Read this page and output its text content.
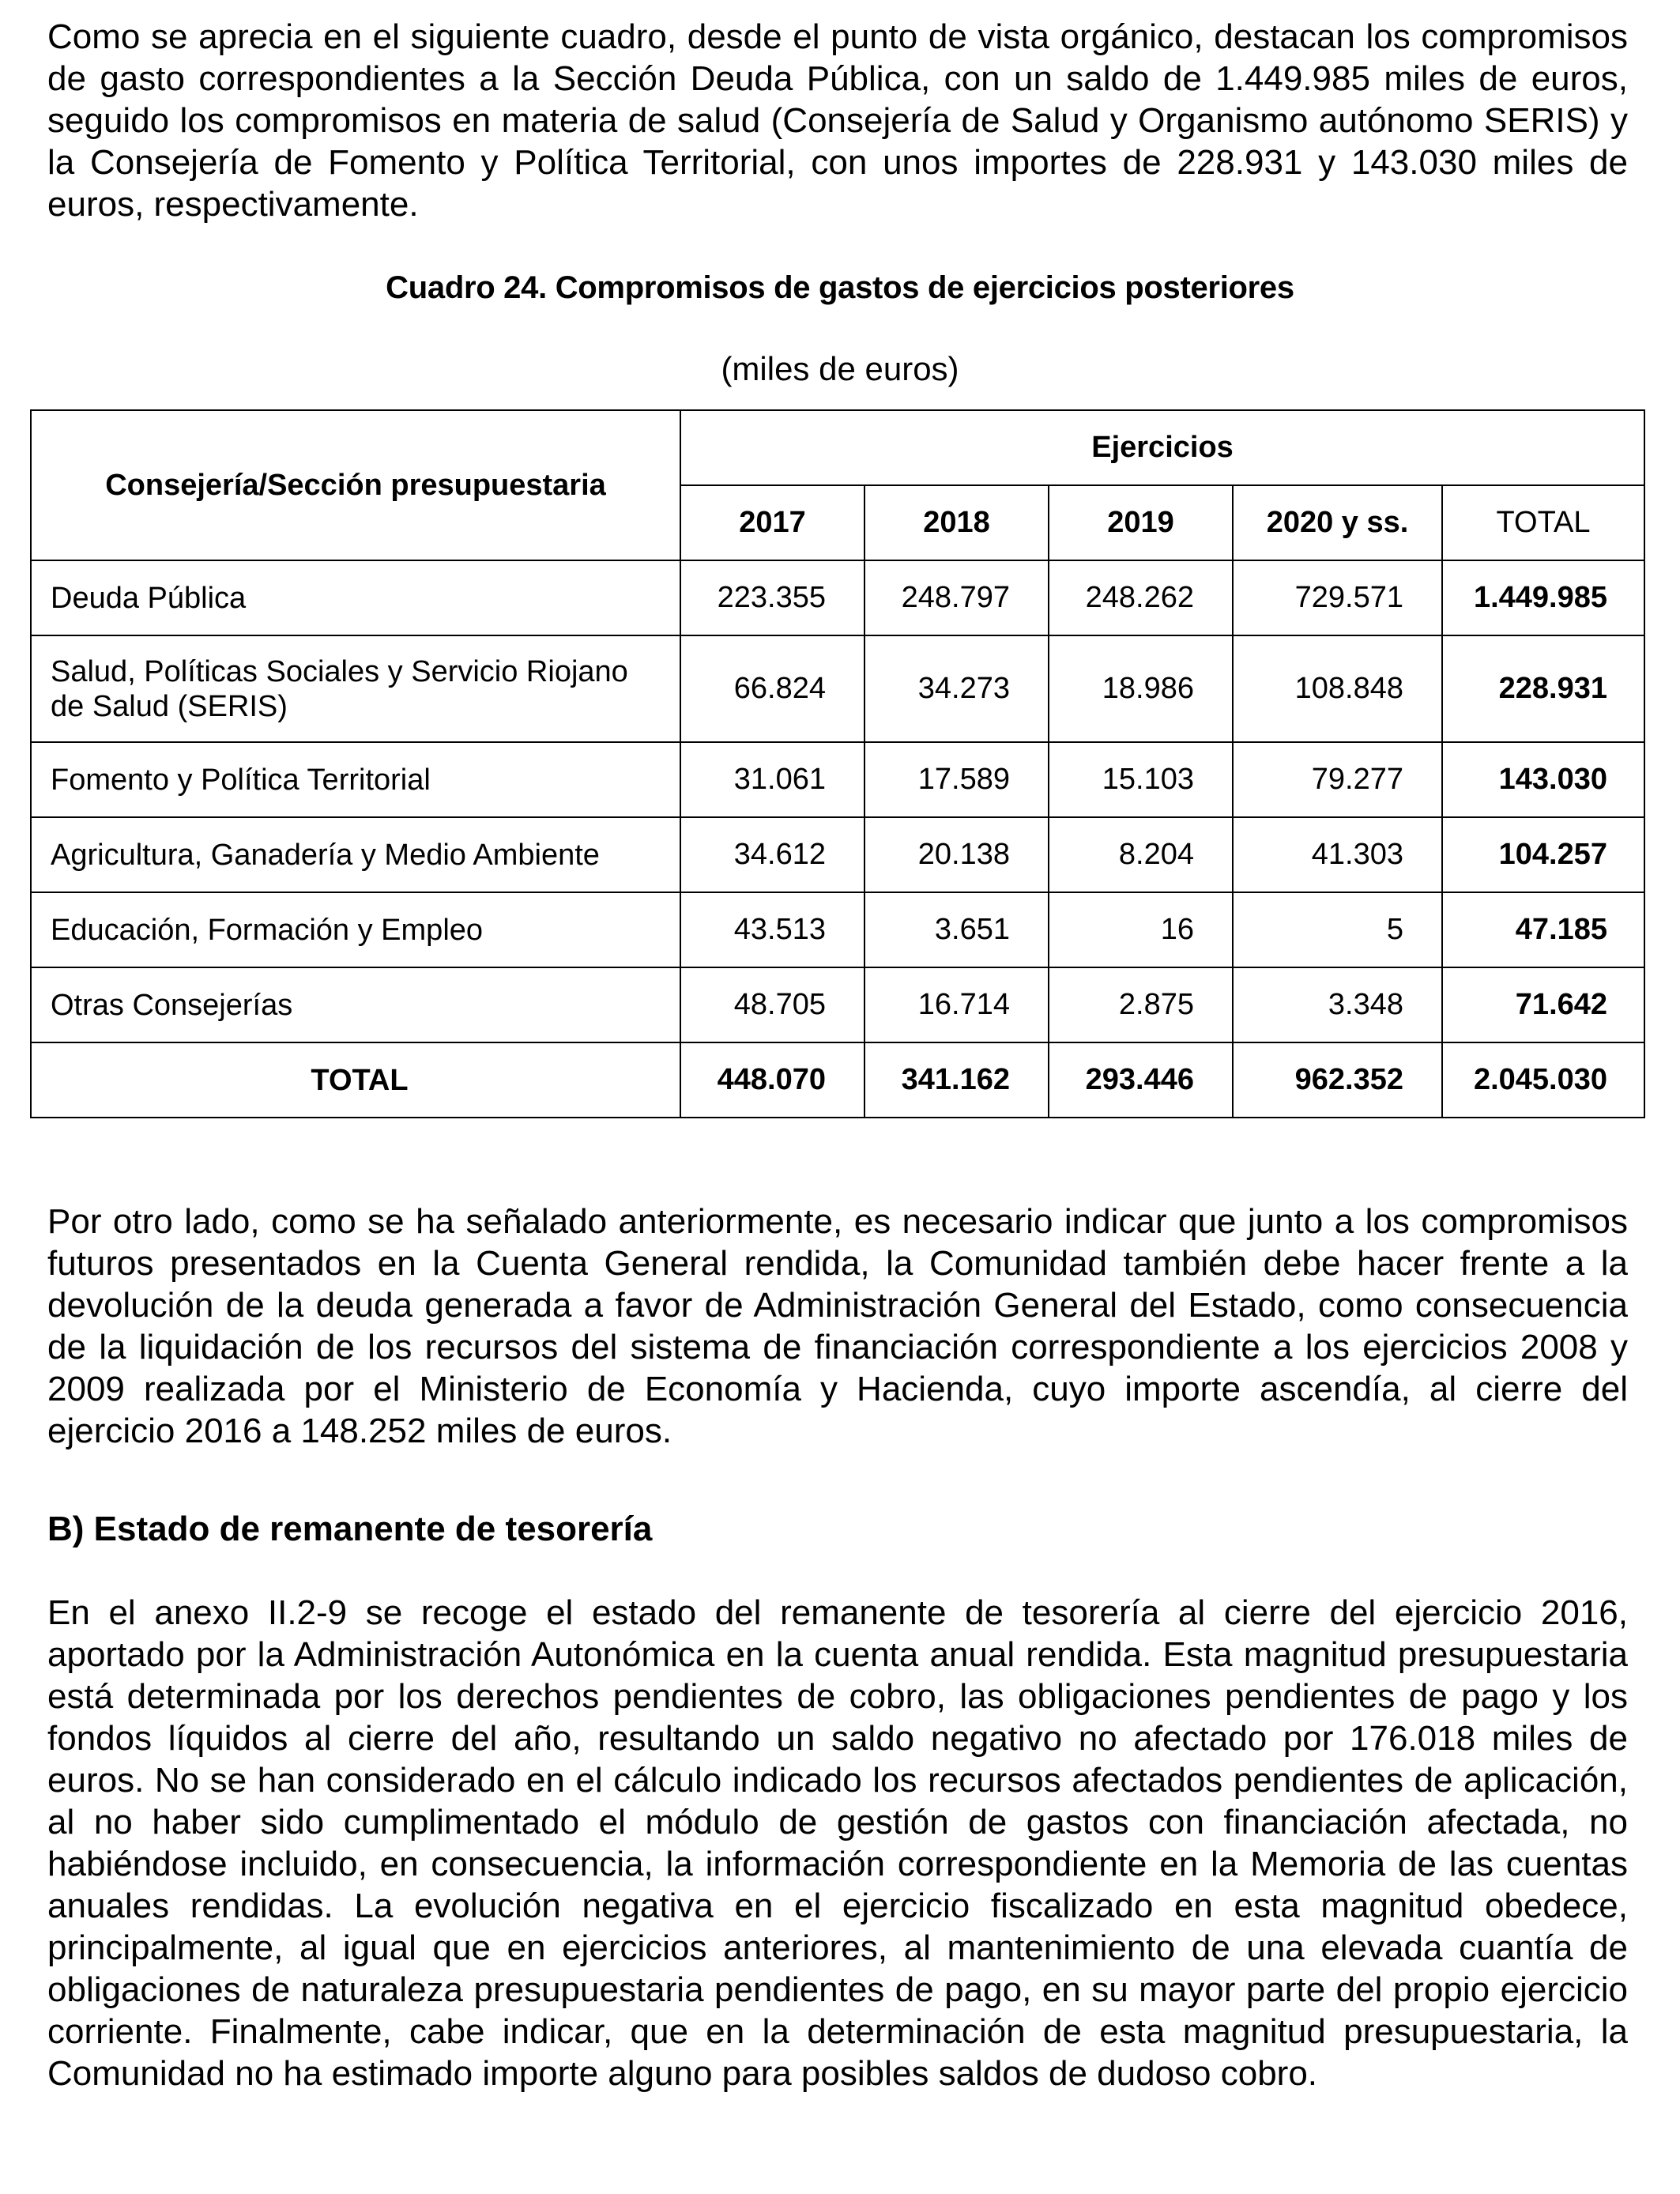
Como se aprecia en el siguiente cuadro, desde el punto de vista orgánico, destacan los compromisos de gasto correspondientes a la Sección Deuda Pública, con un saldo de 1.449.985 miles de euros, seguido los compromisos en materia de salud (Consejería de Salud y Organismo autónomo SERIS) y la Consejería de Fomento y Política Territorial, con unos importes de 228.931 y 143.030 miles de euros, respectivamente.

Cuadro 24. Compromisos de gastos de ejercicios posteriores

(miles de euros)

Consejería/Sección presupuestaria	Ejercicios				
	2017	2018	2019	2020 y ss.	TOTAL
Deuda Pública	223.355	248.797	248.262	729.571	1.449.985
Salud, Políticas Sociales y Servicio Riojano de Salud (SERIS)	66.824	34.273	18.986	108.848	228.931
Fomento y Política Territorial	31.061	17.589	15.103	79.277	143.030
Agricultura, Ganadería y Medio Ambiente	34.612	20.138	8.204	41.303	104.257
Educación, Formación y Empleo	43.513	3.651	16	5	47.185
Otras Consejerías	48.705	16.714	2.875	3.348	71.642
TOTAL	448.070	341.162	293.446	962.352	2.045.030

Por otro lado, como se ha señalado anteriormente, es necesario indicar que junto a los compromisos futuros presentados en la Cuenta General rendida, la Comunidad también debe hacer frente a la devolución de la deuda generada a favor de Administración General del Estado, como consecuencia de la liquidación de los recursos del sistema de financiación correspondiente a los ejercicios 2008 y 2009 realizada por el Ministerio de Economía y Hacienda, cuyo importe ascendía, al cierre del ejercicio 2016 a 148.252 miles de euros.

B) Estado de remanente de tesorería

En el anexo II.2-9 se recoge el estado del remanente de tesorería al cierre del ejercicio 2016, aportado por la Administración Autonómica en la cuenta anual rendida. Esta magnitud presupuestaria está determinada por los derechos pendientes de cobro, las obligaciones pendientes de pago y los fondos líquidos al cierre del año, resultando un saldo negativo no afectado por 176.018 miles de euros. No se han considerado en el cálculo indicado los recursos afectados pendientes de aplicación, al no haber sido cumplimentado el módulo de gestión de gastos con financiación afectada, no habiéndose incluido, en consecuencia, la información correspondiente en la Memoria de las cuentas anuales rendidas. La evolución negativa en el ejercicio fiscalizado en esta magnitud obedece, principalmente, al igual que en ejercicios anteriores, al mantenimiento de una elevada cuantía de obligaciones de naturaleza presupuestaria pendientes de pago, en su mayor parte del propio ejercicio corriente. Finalmente, cabe indicar, que en la determinación de esta magnitud presupuestaria, la Comunidad no ha estimado importe alguno para posibles saldos de dudoso cobro.
